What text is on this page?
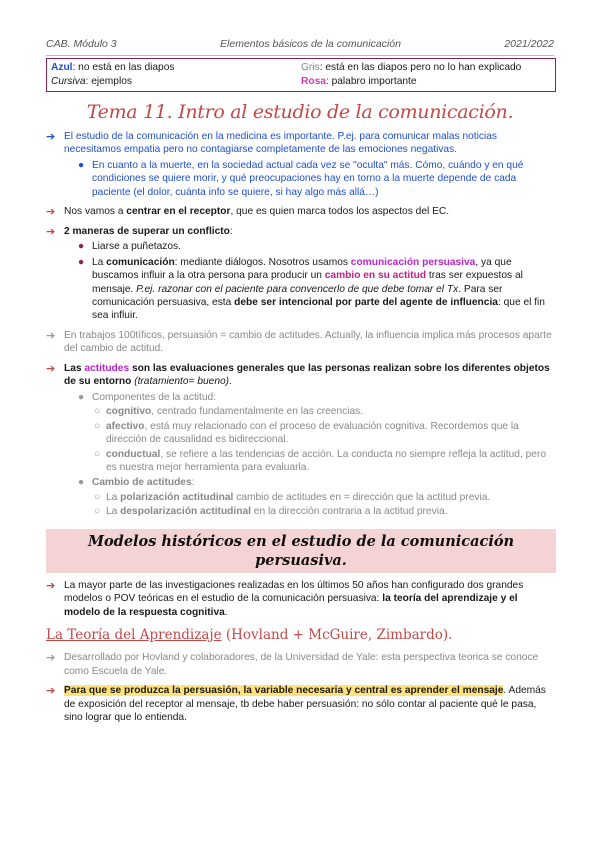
CAB. Módulo 3	Elementos básicos de la comunicación	2021/2022
Azul: no está en las diapos	Gris: está en las diapos pero no lo han explicado
Cursiva: ejemplos	Rosa: palabro importante
Tema 11. Intro al estudio de la comunicación.
➔ El estudio de la comunicación en la medicina es importante. P.ej. para comunicar malas noticias necesitamos empatia pero no contagiarse completamente de las emociones negativas.
● En cuanto a la muerte, en la sociedad actual cada vez se "oculta" más. Cómo, cuándo y en qué condiciones se quiere morir, y qué preocupaciones hay en torno a la muerte depende de cada paciente (el dolor, cuánta info se quiere, si hay algo más allá…)
➔ Nos vamos a centrar en el receptor, que es quien marca todos los aspectos del EC.
➔ 2 maneras de superar un conflicto:
● Liarse a puñetazos.
● La comunicación: mediante diálogos. Nosotros usamos comunicación persuasiva, ya que buscamos influir a la otra persona para producir un cambio en su actitud tras ser expuestos al mensaje. P.ej. razonar con el paciente para convencerlo de que debe tomar el Tx. Para ser comunicación persuasiva, esta debe ser intencional por parte del agente de influencia: que el fin sea influir.
➔ En trabajos 100tíficos, persuasión = cambio de actitudes. Actually, la influencia implica más procesos aparte del cambio de actitud.
➔ Las actitudes son las evaluaciones generales que las personas realizan sobre los diferentes objetos de su entorno (tratamiento= bueno).
● Componentes de la actitud:
○ cognitivo, centrado fundamentalmente en las creencias.
○ afectivo, está muy relacionado con el proceso de evaluación cognitiva. Recordemos que la dirección de causalidad es bidireccional.
○ conductual, se refiere a las tendencias de acción. La conducta no siempre refleja la actitud, pero es nuestra mejor herramienta para evaluarla.
● Cambio de actitudes:
○ La polarización actitudinal cambio de actitudes en = dirección que la actitud previa.
○ La despolarización actitudinal en la dirección contraria a la actitud previa.
Modelos históricos en el estudio de la comunicación persuasiva.
➔ La mayor parte de las investigaciones realizadas en los últimos 50 años han configurado dos grandes modelos o POV teóricas en el estudio de la comunicación persuasiva: la teoría del aprendizaje y el modelo de la respuesta cognitiva.
La Teoría del Aprendizaje (Hovland + McGuire, Zimbardo).
➔ Desarrollado por Hovland y colaboradores, de la Universidad de Yale: esta perspectiva teorica se conoce como Escuela de Yale.
➔ Para que se produzca la persuasión, la variable necesaria y central es aprender el mensaje. Además de exposición del receptor al mensaje, tb debe haber persuasión: no sólo contar al paciente qué le pasa, sino lograr que lo entienda.
